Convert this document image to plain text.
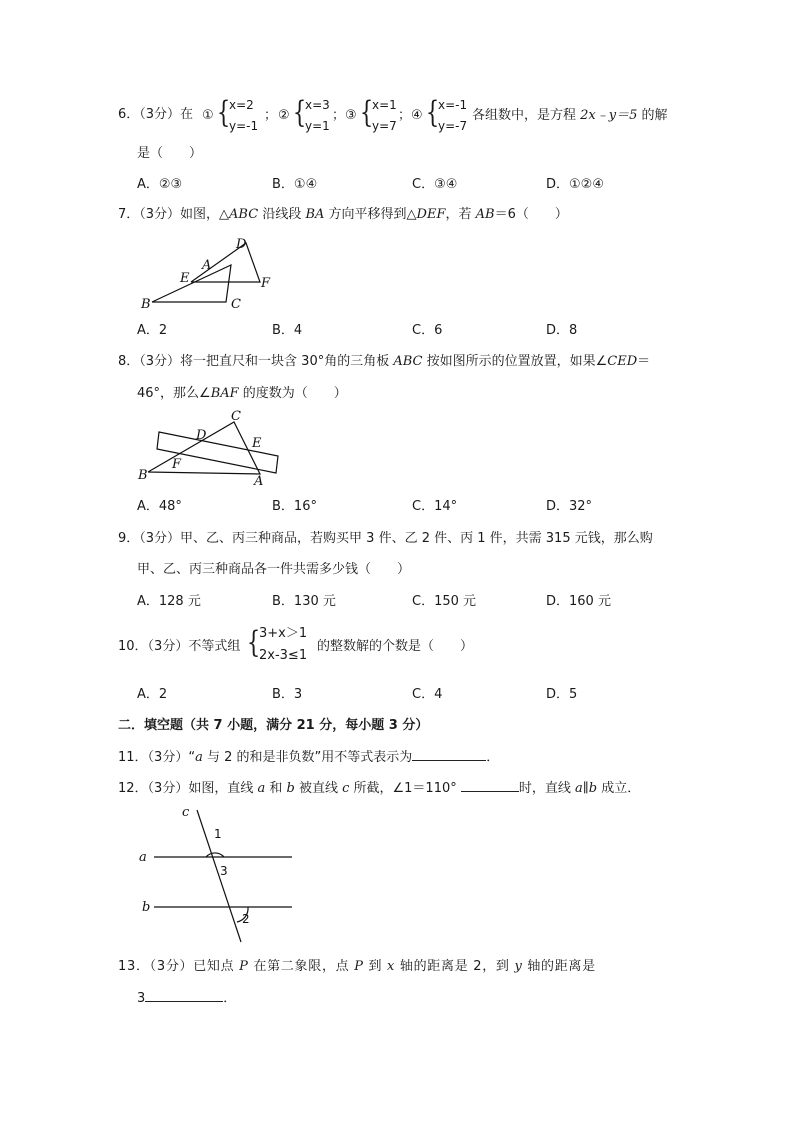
6．（3分）在 ① {
x=2
y=-1
； ② {
x=3
y=1
； ③ {
x=1
y=7
； ④ {
x=-1
y=-7
各组数中，是方程 2x﹣y＝5 的解
是（　　）
A．②③	B．①④	C．③④	D．①②④
7．（3分）如图，△ABC 沿线段 BA 方向平移得到△DEF，若 AB＝6（　　）
D
A
E	F
B	C
A．2	B．4	C．6	D．8
8．（3分）将一把直尺和一块含 30°角的三角板 ABC 按如图所示的位置放置，如果∠CED＝
46°，那么∠BAF 的度数为（　　）
C
D
E
F
B	A
A．48°	B．16°	C．14°	D．32°
9．（3分）甲、乙、丙三种商品，若购买甲 3 件、乙 2 件、丙 1 件，共需 315 元钱，那么购
甲、乙、丙三种商品各一件共需多少钱（　　）
A．128 元	B．130 元	C．150 元	D．160 元
10．（3分）不等式组 {
3+x＞1
2x-3≤1
的整数解的个数是（　　）
A．2	B．3	C．4	D．5
二．填空题（共 7 小题，满分 21 分，每小题 3 分）
11．（3分）“a 与 2 的和是非负数”用不等式表示为	．
12．（3分）如图，直线 a 和 b 被直线 c 所截，∠1＝110°	时，直线 a∥b 成立．
c
a
b
1
3
2
13．（3分）已知点 P 在第二象限，点 P 到 x 轴的距离是 2，到 y 轴的距离是
3	．
